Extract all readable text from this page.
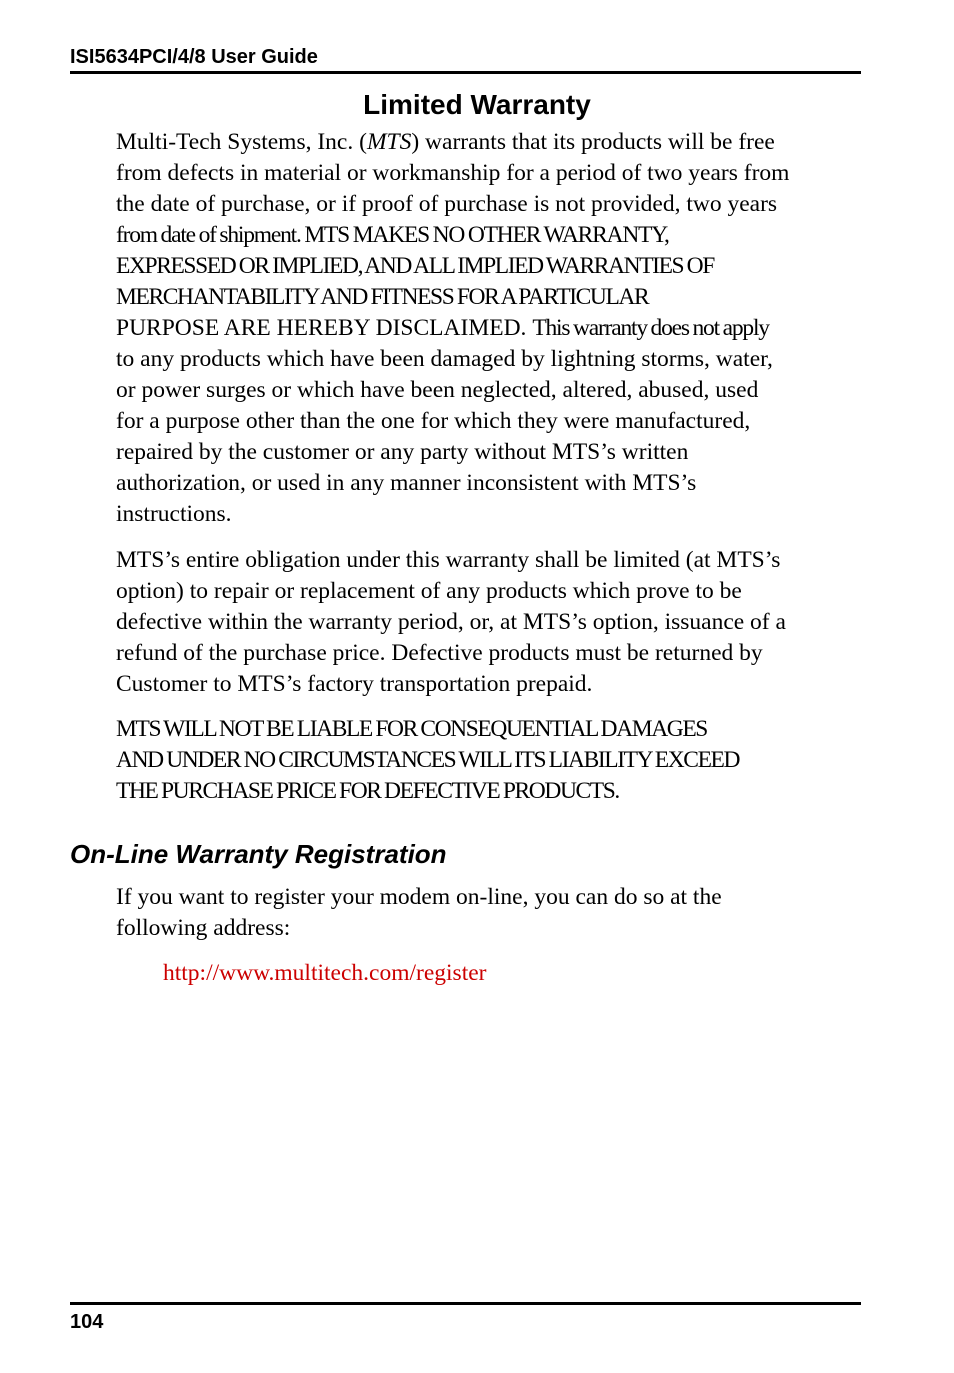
ISI5634PCI/4/8 User Guide
Limited Warranty

Multi-Tech Systems, Inc. (MTS) warrants that its products will be free
from defects in material or workmanship for a period of two years from
the date of purchase, or if proof of purchase is not provided, two years
from date of shipment. MTS MAKES NO OTHER WARRANTY,
EXPRESSED OR IMPLIED, AND ALL IMPLIED WARRANTIES OF
MERCHANTABILITY AND FITNESS FOR A PARTICULAR
PURPOSE ARE HEREBY DISCLAIMED. This warranty does not apply
to any products which have been damaged by lightning storms, water,
or power surges or which have been neglected, altered, abused, used
for a purpose other than the one for which they were manufactured,
repaired by the customer or any party without MTS’s written
authorization, or used in any manner inconsistent with MTS’s
instructions.

MTS’s entire obligation under this warranty shall be limited (at MTS’s
option) to repair or replacement of any products which prove to be
defective within the warranty period, or, at MTS’s option, issuance of a
refund of the purchase price. Defective products must be returned by
Customer to MTS’s factory transportation prepaid.

MTS WILL NOT BE LIABLE FOR CONSEQUENTIAL DAMAGES
AND UNDER NO CIRCUMSTANCES WILL ITS LIABILITY EXCEED
THE PURCHASE PRICE FOR DEFECTIVE PRODUCTS.

On-Line Warranty Registration

If you want to register your modem on-line, you can do so at the
following address:

http://www.multitech.com/register
104
